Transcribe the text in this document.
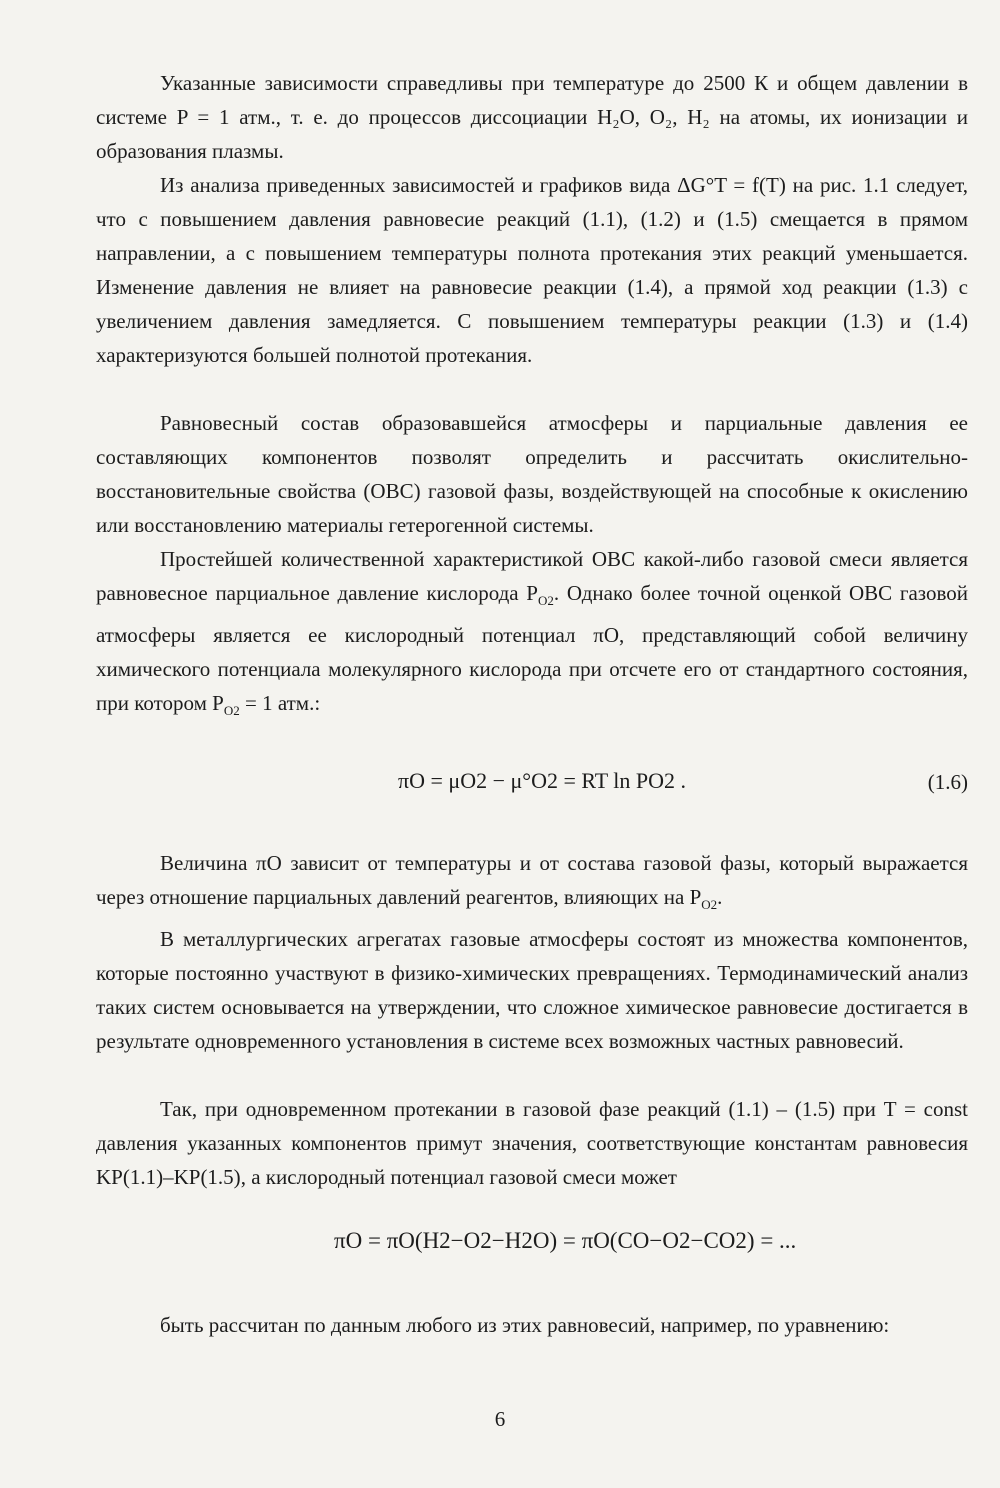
Указанные зависимости справедливы при температуре до 2500 К и общем давлении в системе P = 1 атм., т. е. до процессов диссоциации H₂O, O₂, H₂ на атомы, их ионизации и образования плазмы.

Из анализа приведенных зависимостей и графиков вида ΔG°T = f(T) на рис. 1.1 следует, что с повышением давления равновесие реакций (1.1), (1.2) и (1.5) смещается в прямом направлении, а с повышением температуры полнота протекания этих реакций уменьшается. Изменение давления не влияет на равновесие реакции (1.4), а прямой ход реакции (1.3) с увеличением давления замедляется. С повышением температуры реакции (1.3) и (1.4) характеризуются большей полнотой протекания.

Равновесный состав образовавшейся атмосферы и парциальные давления ее составляющих компонентов позволят определить и рассчитать окислительно-восстановительные свойства (ОВС) газовой фазы, воздействующей на способные к окислению или восстановлению материалы гетерогенной системы.

Простейшей количественной характеристикой ОВС какой-либо газовой смеси является равновесное парциальное давление кислорода $P_{O2}$. Однако более точной оценкой ОВС газовой атмосферы является ее кислородный потенциал πO, представляющий собой величину химического потенциала молекулярного кислорода при отсчете его от стандартного состояния, при котором $P_{O2} = 1$ атм.:

πO = μO2 − μ°O2 = RT ln PO2 .	(1.6)

Величина πO зависит от температуры и от состава газовой фазы, который выражается через отношение парциальных давлений реагентов, влияющих на $P_{O2}$.

В металлургических агрегатах газовые атмосферы состоят из множества компонентов, которые постоянно участвуют в физико-химических превращениях. Термодинамический анализ таких систем основывается на утверждении, что сложное химическое равновесие достигается в результате одновременного установления в системе всех возможных частных равновесий.

Так, при одновременном протекании в газовой фазе реакций (1.1) – (1.5) при T = const давления указанных компонентов примут значения, соответствующие константам равновесия KP(1.1)–KP(1.5), а кислородный потенциал газовой смеси может

πO = πO(H2−O2−H2O) = πO(CO−O2−CO2) = ...

быть рассчитан по данным любого из этих равновесий, например, по уравнению:

6
